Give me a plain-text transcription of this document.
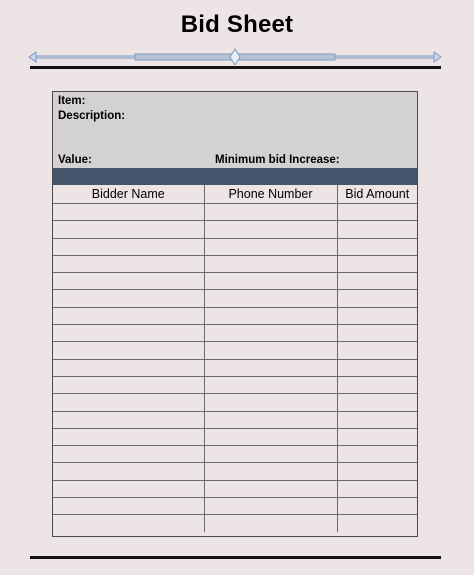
Bid Sheet
Item:
Description:
Value:	Minimum bid Increase:
Bidder Name	Phone Number	Bid Amount
